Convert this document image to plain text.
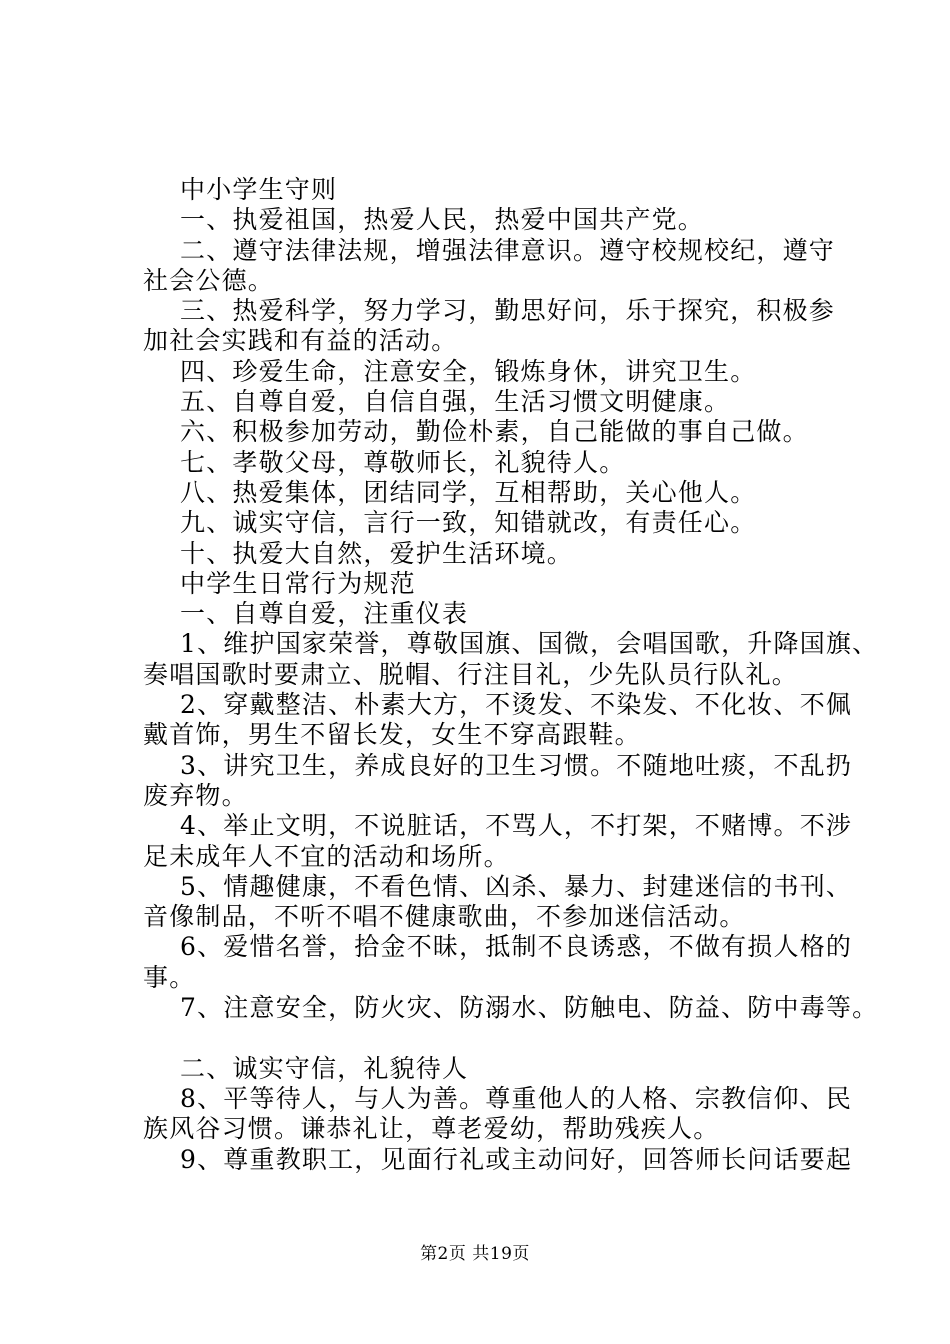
中小学生守则
一、执爱祖国，热爱人民，热爱中国共产党。
二、遵守法律法规，增强法律意识。遵守校规校纪，遵守
社会公德。
三、热爱科学，努力学习，勤思好问，乐于探究，积极参
加社会实践和有益的活动。
四、珍爱生命，注意安全，锻炼身休，讲究卫生。
五、自尊自爱，自信自强，生活习惯文明健康。
六、积极参加劳动，勤俭朴素，自己能做的事自己做。
七、孝敬父母，尊敬师长，礼貌待人。
八、热爱集体，团结同学，互相帮助，关心他人。
九、诚实守信，言行一致，知错就改，有责任心。
十、执爱大自然，爱护生活环境。
中学生日常行为规范
一、自尊自爱，注重仪表
1、维护国家荣誉，尊敬国旗、国微，会唱国歌，升降国旗、
奏唱国歌时要肃立、脱帽、行注目礼，少先队员行队礼。
2、穿戴整洁、朴素大方，不烫发、不染发、不化妆、不佩
戴首饰，男生不留长发，女生不穿高跟鞋。
3、讲究卫生，养成良好的卫生习惯。不随地吐痰，不乱扔
废弃物。
4、举止文明，不说脏话，不骂人，不打架，不赌博。不涉
足未成年人不宜的活动和场所。
5、情趣健康，不看色情、凶杀、暴力、封建迷信的书刊、
音像制品，不听不唱不健康歌曲，不参加迷信活动。
6、爱惜名誉，拾金不昧，抵制不良诱惑，不做有损人格的
事。
7、注意安全，防火灾、防溺水、防触电、防益、防中毒等。
二、诚实守信，礼貌待人
8、平等待人，与人为善。尊重他人的人格、宗教信仰、民
族风谷习惯。谦恭礼让，尊老爱幼，帮助残疾人。
9、尊重教职工，见面行礼或主动问好，回答师长问话要起
第2页 共19页
